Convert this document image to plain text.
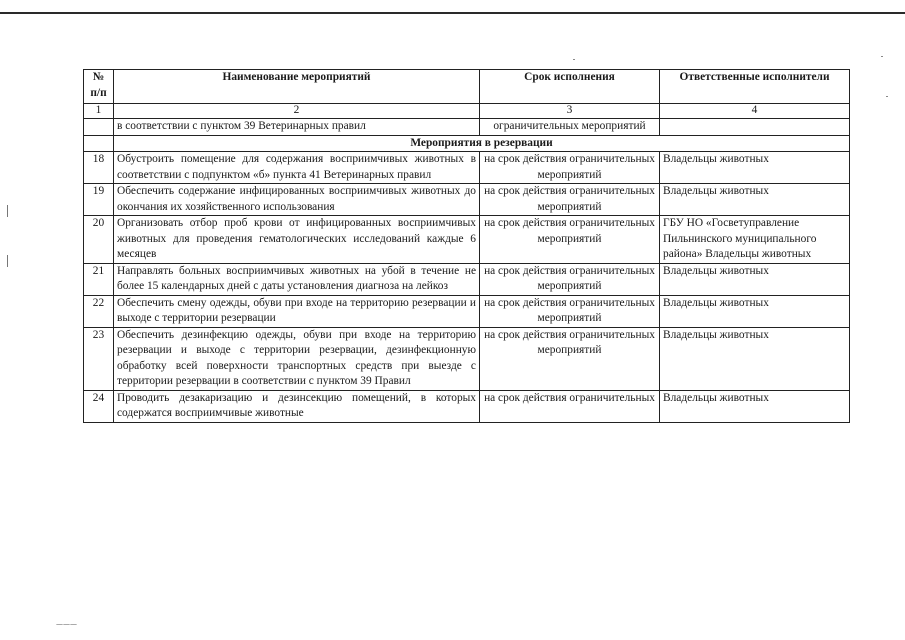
№ п/п	Наименование мероприятий	Срок исполнения	Ответственные исполнители
1	2	3	4
	в соответствии с пунктом 39 Ветеринарных правил	ограничительных мероприятий	
	Мероприятия в резервации		
18	Обустроить помещение для содержания восприимчивых животных в соответствии с подпунктом «б» пункта 41 Ветеринарных правил	на срок действия ограничительных мероприятий	Владельцы животных
19	Обеспечить содержание инфицированных восприимчивых животных до окончания их хозяйственного использования	на срок действия ограничительных мероприятий	Владельцы животных
20	Организовать отбор проб крови от инфицированных восприимчивых животных для проведения гематологических исследований каждые 6 месяцев	на срок действия ограничительных мероприятий	ГБУ НО «Госветуправление Пильнинского муниципального района» Владельцы животных
21	Направлять больных восприимчивых животных на убой в течение не более 15 календарных дней с даты установления диагноза на лейкоз	на срок действия ограничительных мероприятий	Владельцы животных
22	Обеспечить смену одежды, обуви при входе на территорию резервации и выходе с территории резервации	на срок действия ограничительных мероприятий	Владельцы животных
23	Обеспечить дезинфекцию одежды, обуви при входе на территорию резервации и выходе с территории резервации, дезинфекционную обработку всей поверхности транспортных средств при выезде с территории резервации в соответствии с пунктом 39 Правил	на срок действия ограничительных мероприятий	Владельцы животных
24	Проводить дезакаризацию и дезинсекцию помещений, в которых содержатся восприимчивые животные	на срок действия ограничительных	Владельцы животных
———
